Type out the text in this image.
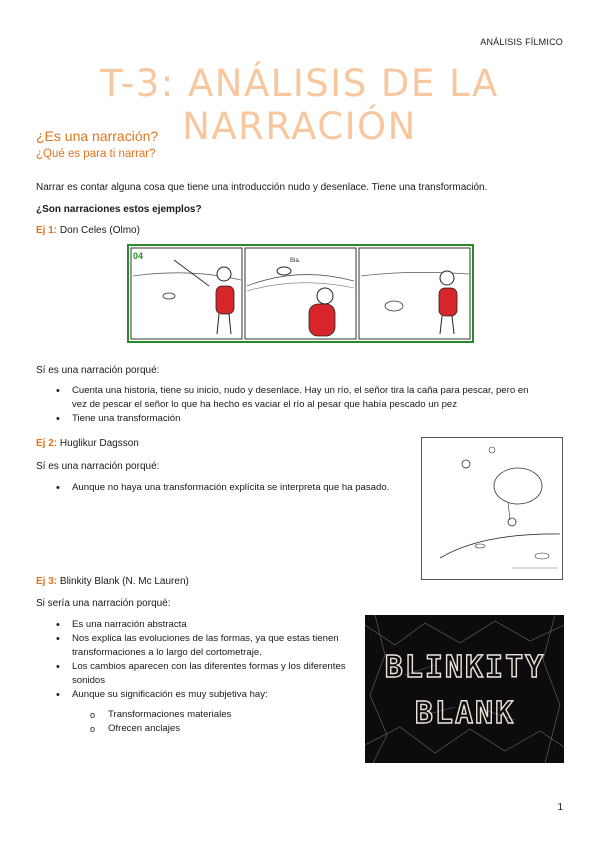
ANÁLISIS FÍLMICO
T-3: ANÁLISIS DE LA NARRACIÓN
¿Es una narración?
¿Qué es para ti narrar?
Narrar es contar alguna cosa que tiene una introducción nudo y desenlace. Tiene una transformación.
¿Son narraciones estos ejemplos?
Ej 1: Don Celes (Olmo)
04	Bla.
Sí es una narración porqué:
• Cuenta una historia, tiene su inicio, nudo y desenlace. Hay un río, el señor tira la caña para pescar, pero en vez de pescar el señor lo que ha hecho es vaciar el río al pesar que había pescado un pez
• Tiene una transformación
Ej 2: Huglikur Dagsson
Sí es una narración porqué:
• Aunque no haya una transformación explícita se interpreta que ha pasado.
Ej 3: Blinkity Blank (N. Mc Lauren)
Si sería una narración porqué:
• Es una narración abstracta
• Nos explica las evoluciones de las formas, ya que estas tienen transformaciones a lo largo del cortometraje.
• Los cambios aparecen con las diferentes formas y los diferentes sonidos
• Aunque su significación es muy subjetiva hay:
o Transformaciones materiales
o Ofrecen anclajes
BLINKITY
BLANK
1
